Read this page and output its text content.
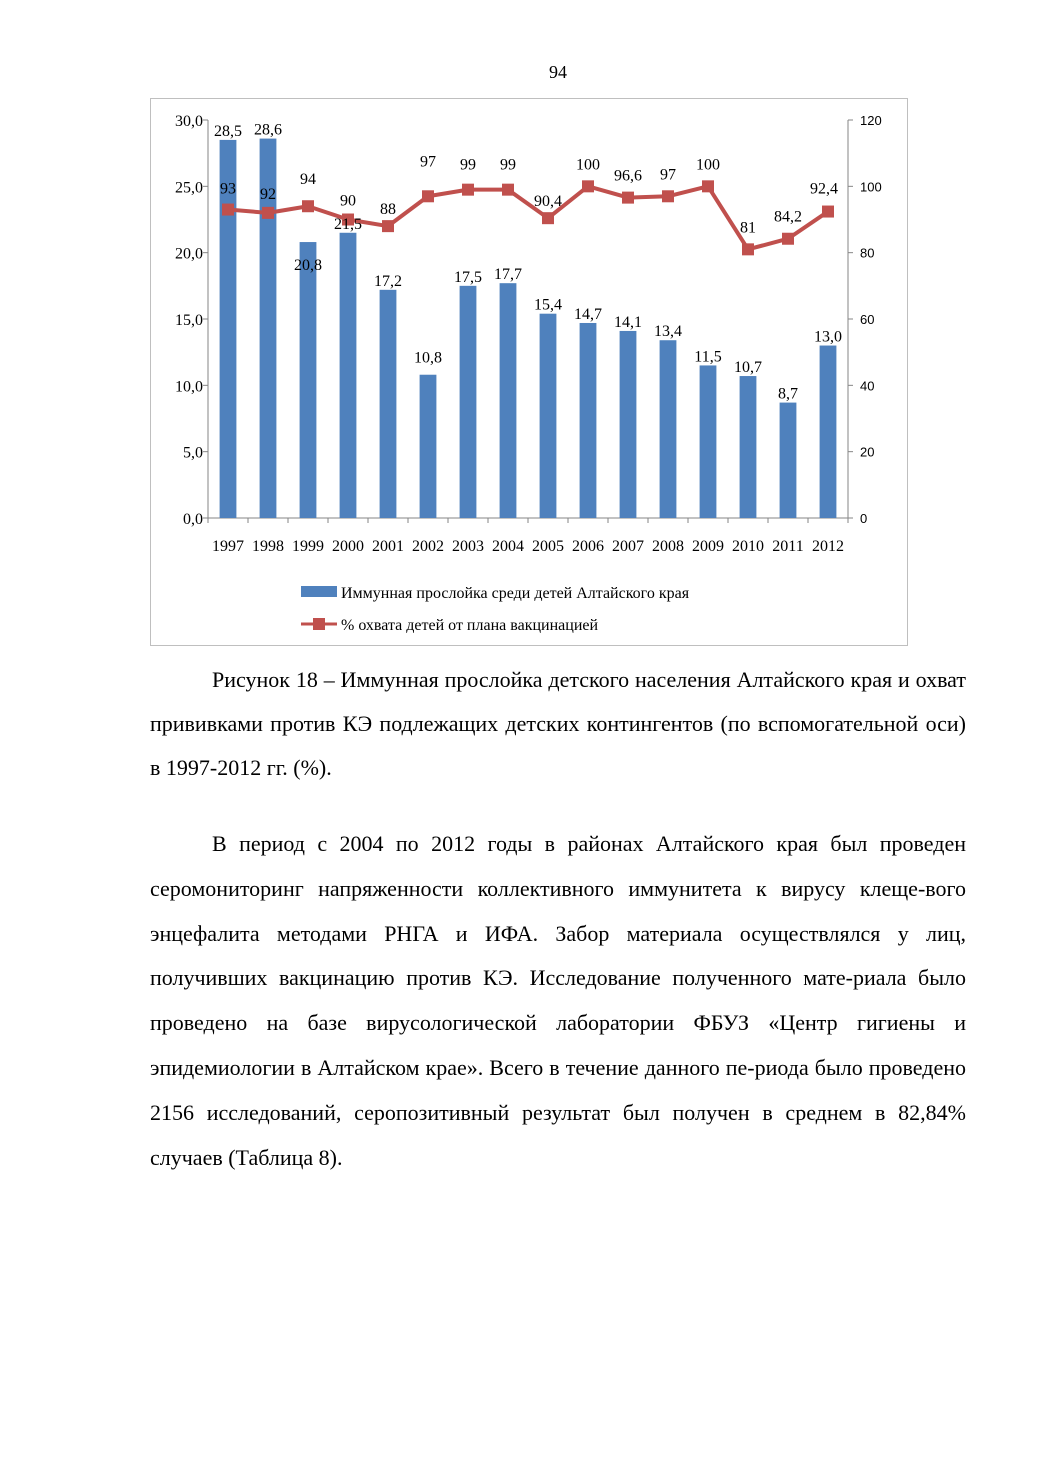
94
0,0
5,0
10,0
15,0
20,0
25,0
30,0
0
20
40
60
80
100
120
1997 1998 1999 2000 2001 2002 2003 2004 2005 2006 2007 2008 2009 2010 2011 2012
28,5 28,6
20,8
21,5
17,2
10,8
17,5 17,7
15,4
14,7 14,1
13,4
11,5
10,7
8,7
13,0
93 92
94
90
88
97 99 99
90,4
100
96,6 97
100
81
84,2
92,4
Иммунная прослойка среди детей Алтайского края
% охвата детей от плана вакцинацией

Рисунок 18 – Иммунная прослойка детского населения Алтайского края и охват прививками против КЭ подлежащих детских контингентов (по вспомогательной оси) в 1997-2012 гг. (%).

В период с 2004 по 2012 годы в районах Алтайского края был проведен серомониторинг напряженности коллективного иммунитета к вирусу клеще-вого энцефалита методами РНГА и ИФА. Забор материала осуществлялся у лиц, получивших вакцинацию против КЭ. Исследование полученного мате-риала было проведено на базе вирусологической лаборатории ФБУЗ «Центр гигиены и эпидемиологии в Алтайском крае». Всего в течение данного пе-риода было проведено 2156 исследований, серопозитивный результат был получен в среднем в 82,84% случаев (Таблица 8).
